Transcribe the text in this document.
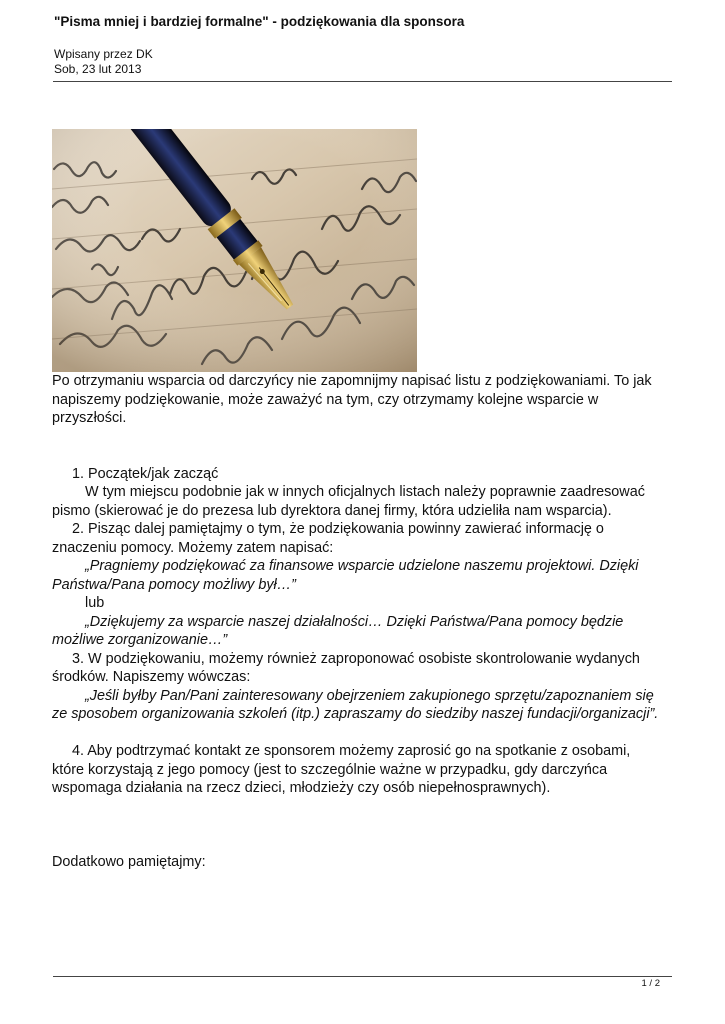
"Pisma mniej i bardziej formalne" - podziękowania dla sponsora
Wpisany przez DK
Sob, 23 lut 2013

Po otrzymaniu wsparcia od darczyńcy nie zapomnijmy napisać listu z podziękowaniami. To jak napiszemy podziękowanie, może zaważyć na tym, czy otrzymamy kolejne wsparcie w przyszłości.

1. Początek/jak zacząć

W tym miejscu podobnie jak w innych oficjalnych listach należy poprawnie zaadresować

pismo (skierować je do prezesa lub dyrektora danej firmy, która udzieliła nam wsparcia).

2. Pisząc dalej pamiętajmy o tym, że podziękowania powinny zawierać informację o

znaczeniu pomocy. Możemy zatem napisać:

„Pragniemy podziękować za finansowe wsparcie udzielone naszemu projektowi. Dzięki

Państwa/Pana pomocy możliwy był…”

lub

„Dziękujemy za wsparcie naszej działalności… Dzięki Państwa/Pana pomocy będzie

możliwe zorganizowanie…”

3. W podziękowaniu, możemy również zaproponować osobiste skontrolowanie wydanych

środków. Napiszemy wówczas:

„Jeśli byłby Pan/Pani zainteresowany obejrzeniem zakupionego sprzętu/zapoznaniem się

ze sposobem organizowania szkoleń (itp.) zapraszamy do siedziby naszej fundacji/organizacji”.

4. Aby podtrzymać kontakt ze sponsorem możemy zaprosić go na spotkanie z osobami,

które korzystają z jego pomocy (jest to szczególnie ważne w przypadku, gdy darczyńca

wspomaga działania na rzecz dzieci, młodzieży czy osób niepełnosprawnych).

Dodatkowo pamiętajmy:

1 / 2
